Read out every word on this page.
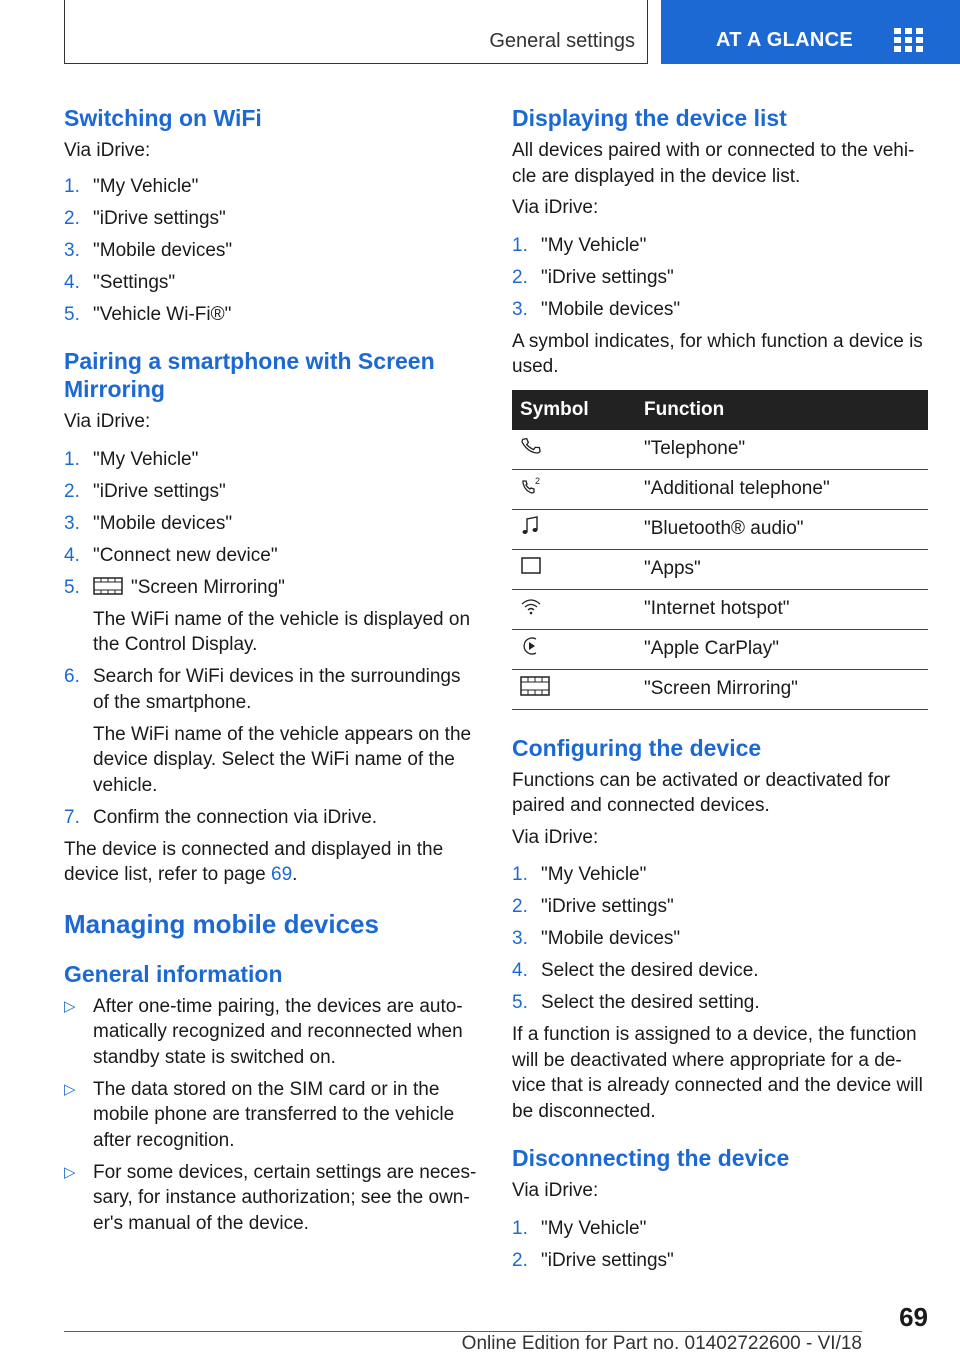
General settings	AT A GLANCE
Switching on WiFi

Via iDrive:

1. "My Vehicle"
2. "iDrive settings"
3. "Mobile devices"
4. "Settings"
5. "Vehicle Wi-Fi®"
Pairing a smartphone with Screen Mirroring

Via iDrive:

1. "My Vehicle"
2. "iDrive settings"
3. "Mobile devices"
4. "Connect new device"
5.	"Screen Mirroring"
The WiFi name of the vehicle is displayed on the Control Display.
6. Search for WiFi devices in the surroundings of the smartphone.
The WiFi name of the vehicle appears on the device display. Select the WiFi name of the vehicle.
7. Confirm the connection via iDrive.

The device is connected and displayed in the device list, refer to page 69.

Managing mobile devices
General information
▷ After one-time pairing, the devices are auto-matically recognized and reconnected when standby state is switched on.
▷ The data stored on the SIM card or in the mobile phone are transferred to the vehicle after recognition.
▷ For some devices, certain settings are neces-sary, for instance authorization; see the own-er's manual of the device.
Displaying the device list

All devices paired with or connected to the vehi-cle are displayed in the device list.

Via iDrive:

1. "My Vehicle"
2. "iDrive settings"
3. "Mobile devices"

A symbol indicates, for which function a device is used.

Symbol	Function
	"Telephone"

2	"Additional telephone"
	"Bluetooth® audio"
	"Apps"
	"Internet hotspot"
	"Apple CarPlay"
	"Screen Mirroring"
Configuring the device

Functions can be activated or deactivated for paired and connected devices.

Via iDrive:

1. "My Vehicle"
2. "iDrive settings"
3. "Mobile devices"
4. Select the desired device.
5. Select the desired setting.

If a function is assigned to a device, the function will be deactivated where appropriate for a de-vice that is already connected and the device will be disconnected.

Disconnecting the device

Via iDrive:

1. "My Vehicle"
2. "iDrive settings"
69
Online Edition for Part no. 01402722600 - VI/18
